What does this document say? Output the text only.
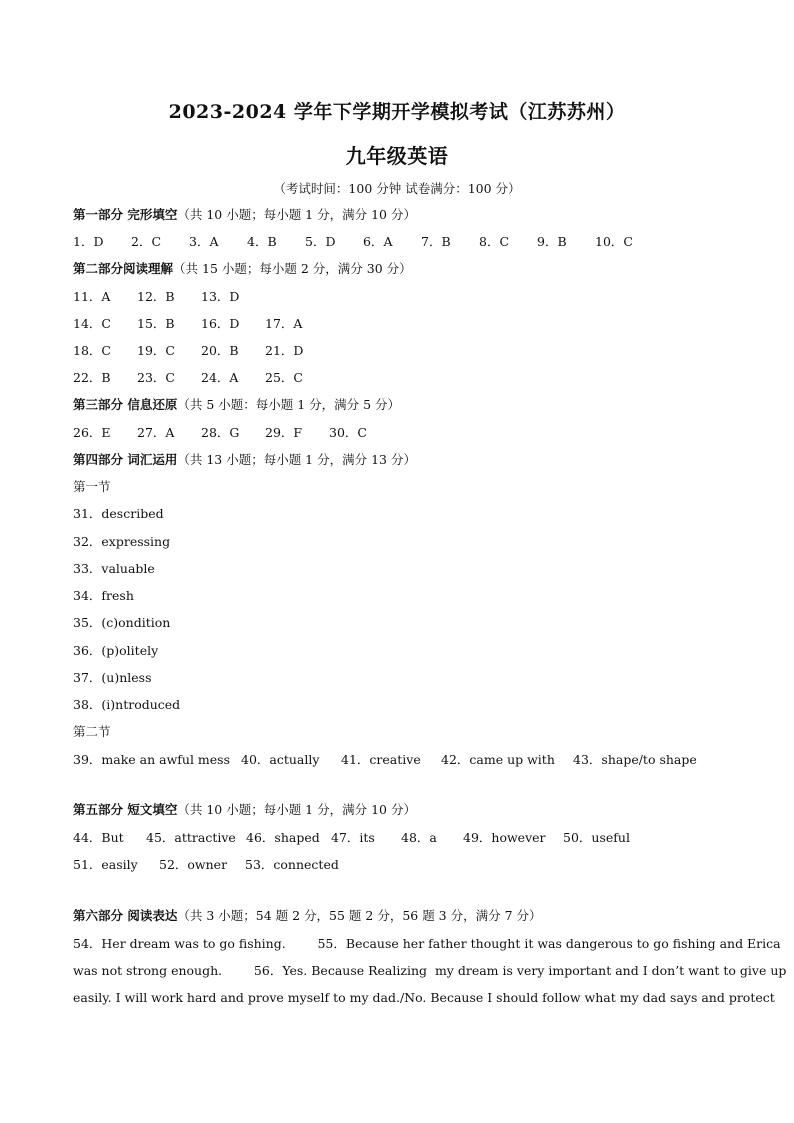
2023-2024 学年下学期开学模拟考试（江苏苏州）
九年级英语
（考试时间：100 分钟 试卷满分：100 分）
第一部分 完形填空（共 10 小题；每小题 1 分，满分 10 分）
1．D 2．C 3．A 4．B 5．D 6．A 7．B 8．C 9．B 10．C
第二部分阅读理解（共 15 小题；每小题 2 分，满分 30 分）
11．A 12．B 13．D
14．C 15．B 16．D 17．A
18．C 19．C 20．B 21．D
22．B 23．C 24．A 25．C
第三部分 信息还原（共 5 小题：每小题 1 分，满分 5 分）
26．E 27．A 28．G 29．F 30．C
第四部分 词汇运用（共 13 小题；每小题 1 分，满分 13 分）
第一节
31．described
32．expressing
33．valuable
34．fresh
35．(c)ondition
36．(p)olitely
37．(u)nless
38．(i)ntroduced
第二节
39．make an awful mess 40．actually 41．creative 42．came up with 43．shape/to shape
第五部分 短文填空（共 10 小题；每小题 1 分，满分 10 分）
44．But 45．attractive 46．shaped 47．its 48．a 49．however 50．useful
51．easily 52．owner 53．connected
第六部分 阅读表达（共 3 小题；54 题 2 分，55 题 2 分，56 题 3 分，满分 7 分）
54．Her dream was to go fishing.        55．Because her father thought it was dangerous to go fishing and Erica
was not strong enough.        56．Yes. Because Realizing  my dream is very important and I don’t want to give up
easily. I will work hard and prove myself to my dad./No. Because I should follow what my dad says and protect
